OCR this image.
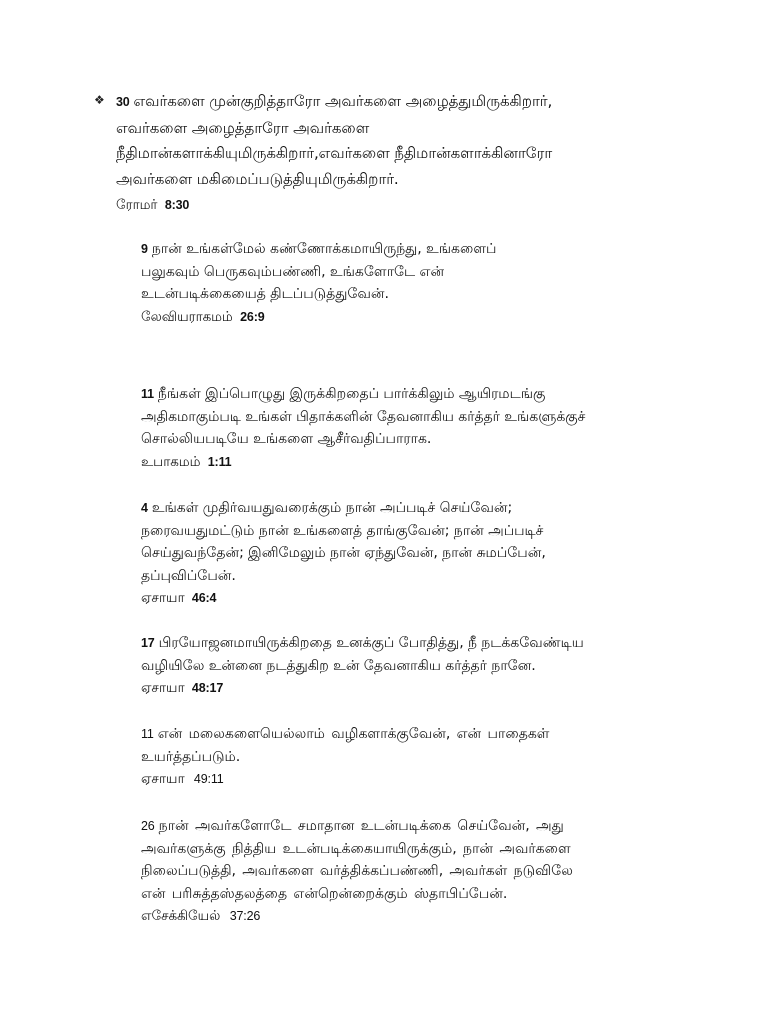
❖ 30 எவர்களை முன்குறித்தாரோ அவர்களை அழைத்துமிருக்கிறார்,
எவர்களை அழைத்தாரோ அவர்களை
நீதிமான்களாக்கியுமிருக்கிறார்,எவர்களை நீதிமான்களாக்கினாரோ
அவர்களை மகிமைப்படுத்தியுமிருக்கிறார்.
ரோமர் 8:30
9 நான் உங்கள்மேல் கண்ணோக்கமாயிருந்து, உங்களைப்
பலுகவும் பெருகவும்பண்ணி, உங்களோடே என்
உடன்படிக்கையைத் திடப்படுத்துவேன்.
லேவியராகமம் 26:9
11 நீங்கள் இப்பொழுது இருக்கிறதைப் பார்க்கிலும் ஆயிரமடங்கு
அதிகமாகும்படி உங்கள் பிதாக்களின் தேவனாகிய கர்த்தர் உங்களுக்குச்
சொல்லியபடியே உங்களை ஆசீர்வதிப்பாராக.
உபாகமம் 1:11
4 உங்கள் முதிர்வயதுவரைக்கும் நான் அப்படிச் செய்வேன்;
நரைவயதுமட்டும் நான் உங்களைத் தாங்குவேன்; நான் அப்படிச்
செய்துவந்தேன்; இனிமேலும் நான் ஏந்துவேன், நான் சுமப்பேன்,
தப்புவிப்பேன்.
ஏசாயா 46:4
17 பிரயோஜனமாயிருக்கிறதை உனக்குப் போதித்து, நீ நடக்கவேண்டிய
வழியிலே உன்னை நடத்துகிற உன் தேவனாகிய கர்த்தர் நானே.
ஏசாயா 48:17
11 என் மலைகளையெல்லாம் வழிகளாக்குவேன், என் பாதைகள்
உயர்த்தப்படும்.
ஏசாயா 49:11
26 நான் அவர்களோடே சமாதான உடன்படிக்கை செய்வேன், அது
அவர்களுக்கு நித்திய உடன்படிக்கையாயிருக்கும், நான் அவர்களை
நிலைப்படுத்தி, அவர்களை வர்த்திக்கப்பண்ணி, அவர்கள் நடுவிலே
என் பரிசுத்தஸ்தலத்தை என்றென்றைக்கும் ஸ்தாபிப்பேன்.
எசேக்கியேல் 37:26
